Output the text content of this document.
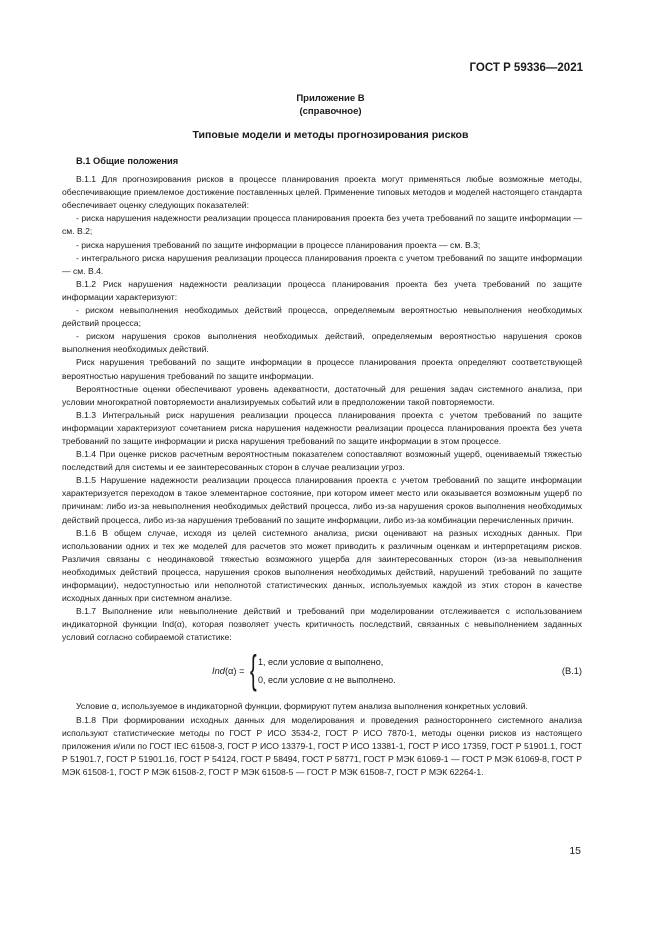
ГОСТ Р 59336—2021
Приложение В
(справочное)
Типовые модели и методы прогнозирования рисков
В.1 Общие положения

В.1.1 Для прогнозирования рисков в процессе планирования проекта могут применяться любые возможные методы, обеспечивающие приемлемое достижение поставленных целей. Применение типовых методов и моделей настоящего стандарта обеспечивает оценку следующих показателей:

- риска нарушения надежности реализации процесса планирования проекта без учета требований по защите информации — см. В.2;

- риска нарушения требований по защите информации в процессе планирования проекта — см. В.3;

- интегрального риска нарушения реализации процесса планирования проекта с учетом требований по защите информации — см. В.4.

В.1.2 Риск нарушения надежности реализации процесса планирования проекта без учета требований по защите информации характеризуют:

- риском невыполнения необходимых действий процесса, определяемым вероятностью невыполнения необходимых действий процесса;

- риском нарушения сроков выполнения необходимых действий, определяемым вероятностью нарушения сроков выполнения необходимых действий.

Риск нарушения требований по защите информации в процессе планирования проекта определяют соответствующей вероятностью нарушения требований по защите информации.

Вероятностные оценки обеспечивают уровень адекватности, достаточный для решения задач системного анализа, при условии многократной повторяемости анализируемых событий или в предположении такой повторяемости.

В.1.3 Интегральный риск нарушения реализации процесса планирования проекта с учетом требований по защите информации характеризуют сочетанием риска нарушения надежности реализации процесса планирования проекта без учета требований по защите информации и риска нарушения требований по защите информации в этом процессе.

В.1.4 При оценке рисков расчетным вероятностным показателем сопоставляют возможный ущерб, оцениваемый тяжестью последствий для системы и ее заинтересованных сторон в случае реализации угроз.

В.1.5 Нарушение надежности реализации процесса планирования проекта с учетом требований по защите информации характеризуется переходом в такое элементарное состояние, при котором имеет место или оказывается возможным ущерб по причинам: либо из-за невыполнения необходимых действий процесса, либо из-за нарушения сроков выполнения необходимых действий процесса, либо из-за нарушения требований по защите информации, либо из-за комбинации перечисленных причин.

В.1.6 В общем случае, исходя из целей системного анализа, риски оценивают на разных исходных данных. При использовании одних и тех же моделей для расчетов это может приводить к различным оценкам и интерпретациям рисков. Различия связаны с неодинаковой тяжестью возможного ущерба для заинтересованных сторон (из-за невыполнения необходимых действий процесса, нарушения сроков выполнения необходимых действий, нарушений требований по защите информации), недоступностью или неполнотой статистических данных, используемых каждой из этих сторон в качестве исходных данных при системном анализе.

В.1.7 Выполнение или невыполнение действий и требований при моделировании отслеживается с использованием индикаторной функции Ind(α), которая позволяет учесть критичность последствий, связанных с невыполнением заданных условий согласно собираемой статистике:

Ind(α) = { 1, если условие α выполнено,
0, если условие α не выполнено.
(В.1)

Условие α, используемое в индикаторной функции, формируют путем анализа выполнения конкретных условий.

В.1.8 При формировании исходных данных для моделирования и проведения разностороннего системного анализа используют статистические методы по ГОСТ Р ИСО 3534-2, ГОСТ Р ИСО 7870-1, методы оценки рисков из настоящего приложения и/или по ГОСТ IEC 61508-3, ГОСТ Р ИСО 13379-1, ГОСТ Р ИСО 13381-1, ГОСТ Р ИСО 17359, ГОСТ Р 51901.1, ГОСТ Р 51901.7, ГОСТ Р 51901.16, ГОСТ Р 54124, ГОСТ Р 58494, ГОСТ Р 58771, ГОСТ Р МЭК 61069-1 — ГОСТ Р МЭК 61069-8, ГОСТ Р МЭК 61508-1, ГОСТ Р МЭК 61508-2, ГОСТ Р МЭК 61508-5 — ГОСТ Р МЭК 61508-7, ГОСТ Р МЭК 62264-1.

15
